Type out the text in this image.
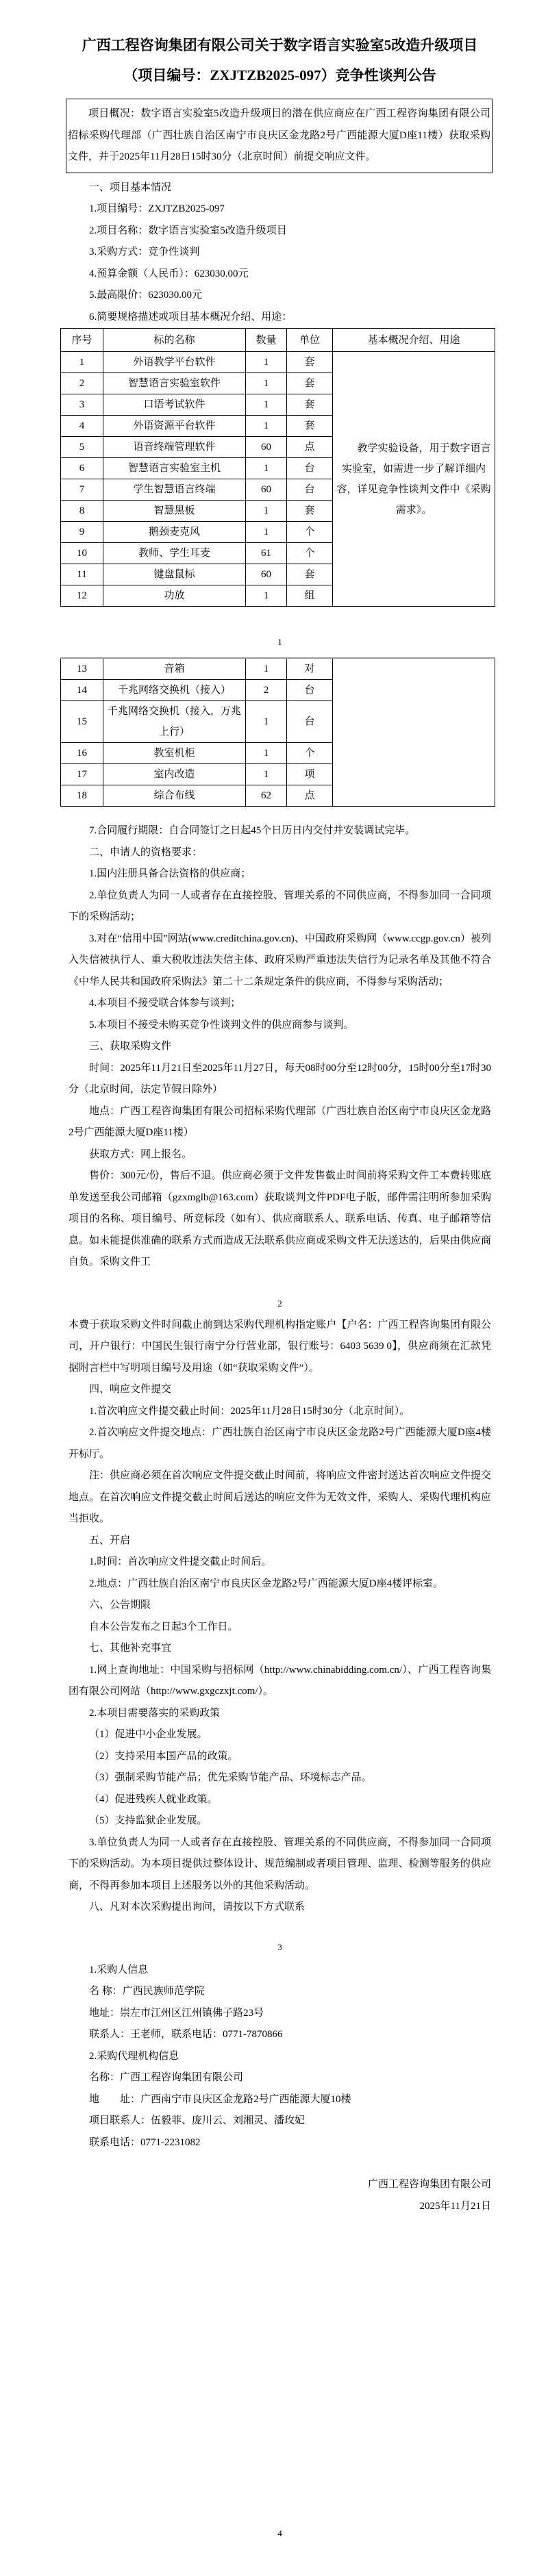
广西工程咨询集团有限公司关于数字语言实验室5改造升级项目
（项目编号：ZXJTZB2025-097）竞争性谈判公告

项目概况：数字语言实验室5改造升级项目的潜在供应商应在广西工程咨询集团有限公司招标采购代理部（广西壮族自治区南宁市良庆区金龙路2号广西能源大厦D座11楼）获取采购文件，并于2025年11月28日15时30分（北京时间）前提交响应文件。

一、项目基本情况

1.项目编号：ZXJTZB2025-097

2.项目名称：数字语言实验室5改造升级项目

3.采购方式：竞争性谈判

4.预算金额（人民币）：623030.00元

5.最高限价：623030.00元

6.简要规格描述或项目基本概况介绍、用途：

序号	标的名称	数量	单位	基本概况介绍、用途
1	外语教学平台软件	1	套	教学实验设备，用于数字语言实验室，如需进一步了解详细内容，详见竞争性谈判文件中《采购需求》。
2	智慧语言实验室软件	1	套	
3	口语考试软件	1	套	
4	外语资源平台软件	1	套	
5	语音终端管理软件	60	点	
6	智慧语言实验室主机	1	台	
7	学生智慧语言终端	60	台	
8	智慧黑板	1	套	
9	鹅颈麦克风	1	个	
10	教师、学生耳麦	61	个	
11	键盘鼠标	60	套	
12	功放	1	组	

1

13	音箱	1	对	
14	千兆网络交换机（接入）	2	台	
15	千兆网络交换机（接入，万兆上行）	1	台	
16	教室机柜	1	个	
17	室内改造	1	项	
18	综合布线	62	点	

7.合同履行期限：自合同签订之日起45个日历日内交付并安装调试完毕。

二、申请人的资格要求：

1.国内注册具备合法资格的供应商；

2.单位负责人为同一人或者存在直接控股、管理关系的不同供应商，不得参加同一合同项下的采购活动；

3.对在“信用中国”网站(www.creditchina.gov.cn)、中国政府采购网（www.ccgp.gov.cn）被列入失信被执行人、重大税收违法失信主体、政府采购严重违法失信行为记录名单及其他不符合《中华人民共和国政府采购法》第二十二条规定条件的供应商，不得参与采购活动；

4.本项目不接受联合体参与谈判；

5.本项目不接受未购买竞争性谈判文件的供应商参与谈判。

三、获取采购文件

时间：2025年11月21日至2025年11月27日，每天08时00分至12时00分，15时00分至17时30分（北京时间，法定节假日除外）

地点：广西工程咨询集团有限公司招标采购代理部（广西壮族自治区南宁市良庆区金龙路2号广西能源大厦D座11楼）

获取方式：网上报名。

售价：300元/份，售后不退。供应商必须于文件发售截止时间前将采购文件工本费转账底单发送至我公司邮箱（gzxmglb@163.com）获取谈判文件PDF电子版，邮件需注明所参加采购项目的名称、项目编号、所竞标段（如有）、供应商联系人、联系电话、传真、电子邮箱等信息。如未能提供准确的联系方式而造成无法联系供应商或采购文件无法送达的，后果由供应商自负。采购文件工

2

本费于获取采购文件时间截止前到达采购代理机构指定账户【户名：广西工程咨询集团有限公司，开户银行：中国民生银行南宁分行营业部，银行账号：6403 5639 0】，供应商须在汇款凭据附言栏中写明项目编号及用途（如“获取采购文件”）。

四、响应文件提交

1.首次响应文件提交截止时间：2025年11月28日15时30分（北京时间）。

2.首次响应文件提交地点：广西壮族自治区南宁市良庆区金龙路2号广西能源大厦D座4楼开标厅。

注：供应商必须在首次响应文件提交截止时间前，将响应文件密封送达首次响应文件提交地点。在首次响应文件提交截止时间后送达的响应文件为无效文件，采购人、采购代理机构应当拒收。

五、开启

1.时间：首次响应文件提交截止时间后。

2.地点：广西壮族自治区南宁市良庆区金龙路2号广西能源大厦D座4楼评标室。

六、公告期限

自本公告发布之日起3个工作日。

七、其他补充事宜

1.网上查询地址：中国采购与招标网（http://www.chinabidding.com.cn/）、广西工程咨询集团有限公司网站（http://www.gxgczxjt.com/）。

2.本项目需要落实的采购政策

（1）促进中小企业发展。

（2）支持采用本国产品的政策。

（3）强制采购节能产品；优先采购节能产品、环境标志产品。

（4）促进残疾人就业政策。

（5）支持监狱企业发展。

3.单位负责人为同一人或者存在直接控股、管理关系的不同供应商，不得参加同一合同项下的采购活动。为本项目提供过整体设计、规范编制或者项目管理、监理、检测等服务的供应商，不得再参加本项目上述服务以外的其他采购活动。

八、凡对本次采购提出询问，请按以下方式联系

3

1.采购人信息

名 称：广西民族师范学院

地址：崇左市江州区江州镇佛子路23号

联系人：王老师，联系电话：0771-7870866

2.采购代理机构信息

名称：广西工程咨询集团有限公司

地　　址：广西南宁市良庆区金龙路2号广西能源大厦10楼

项目联系人：伍毅菲、庞川云、刘湘灵、潘玫妃

联系电话：0771-2231082

广西工程咨询集团有限公司

2025年11月21日

4
